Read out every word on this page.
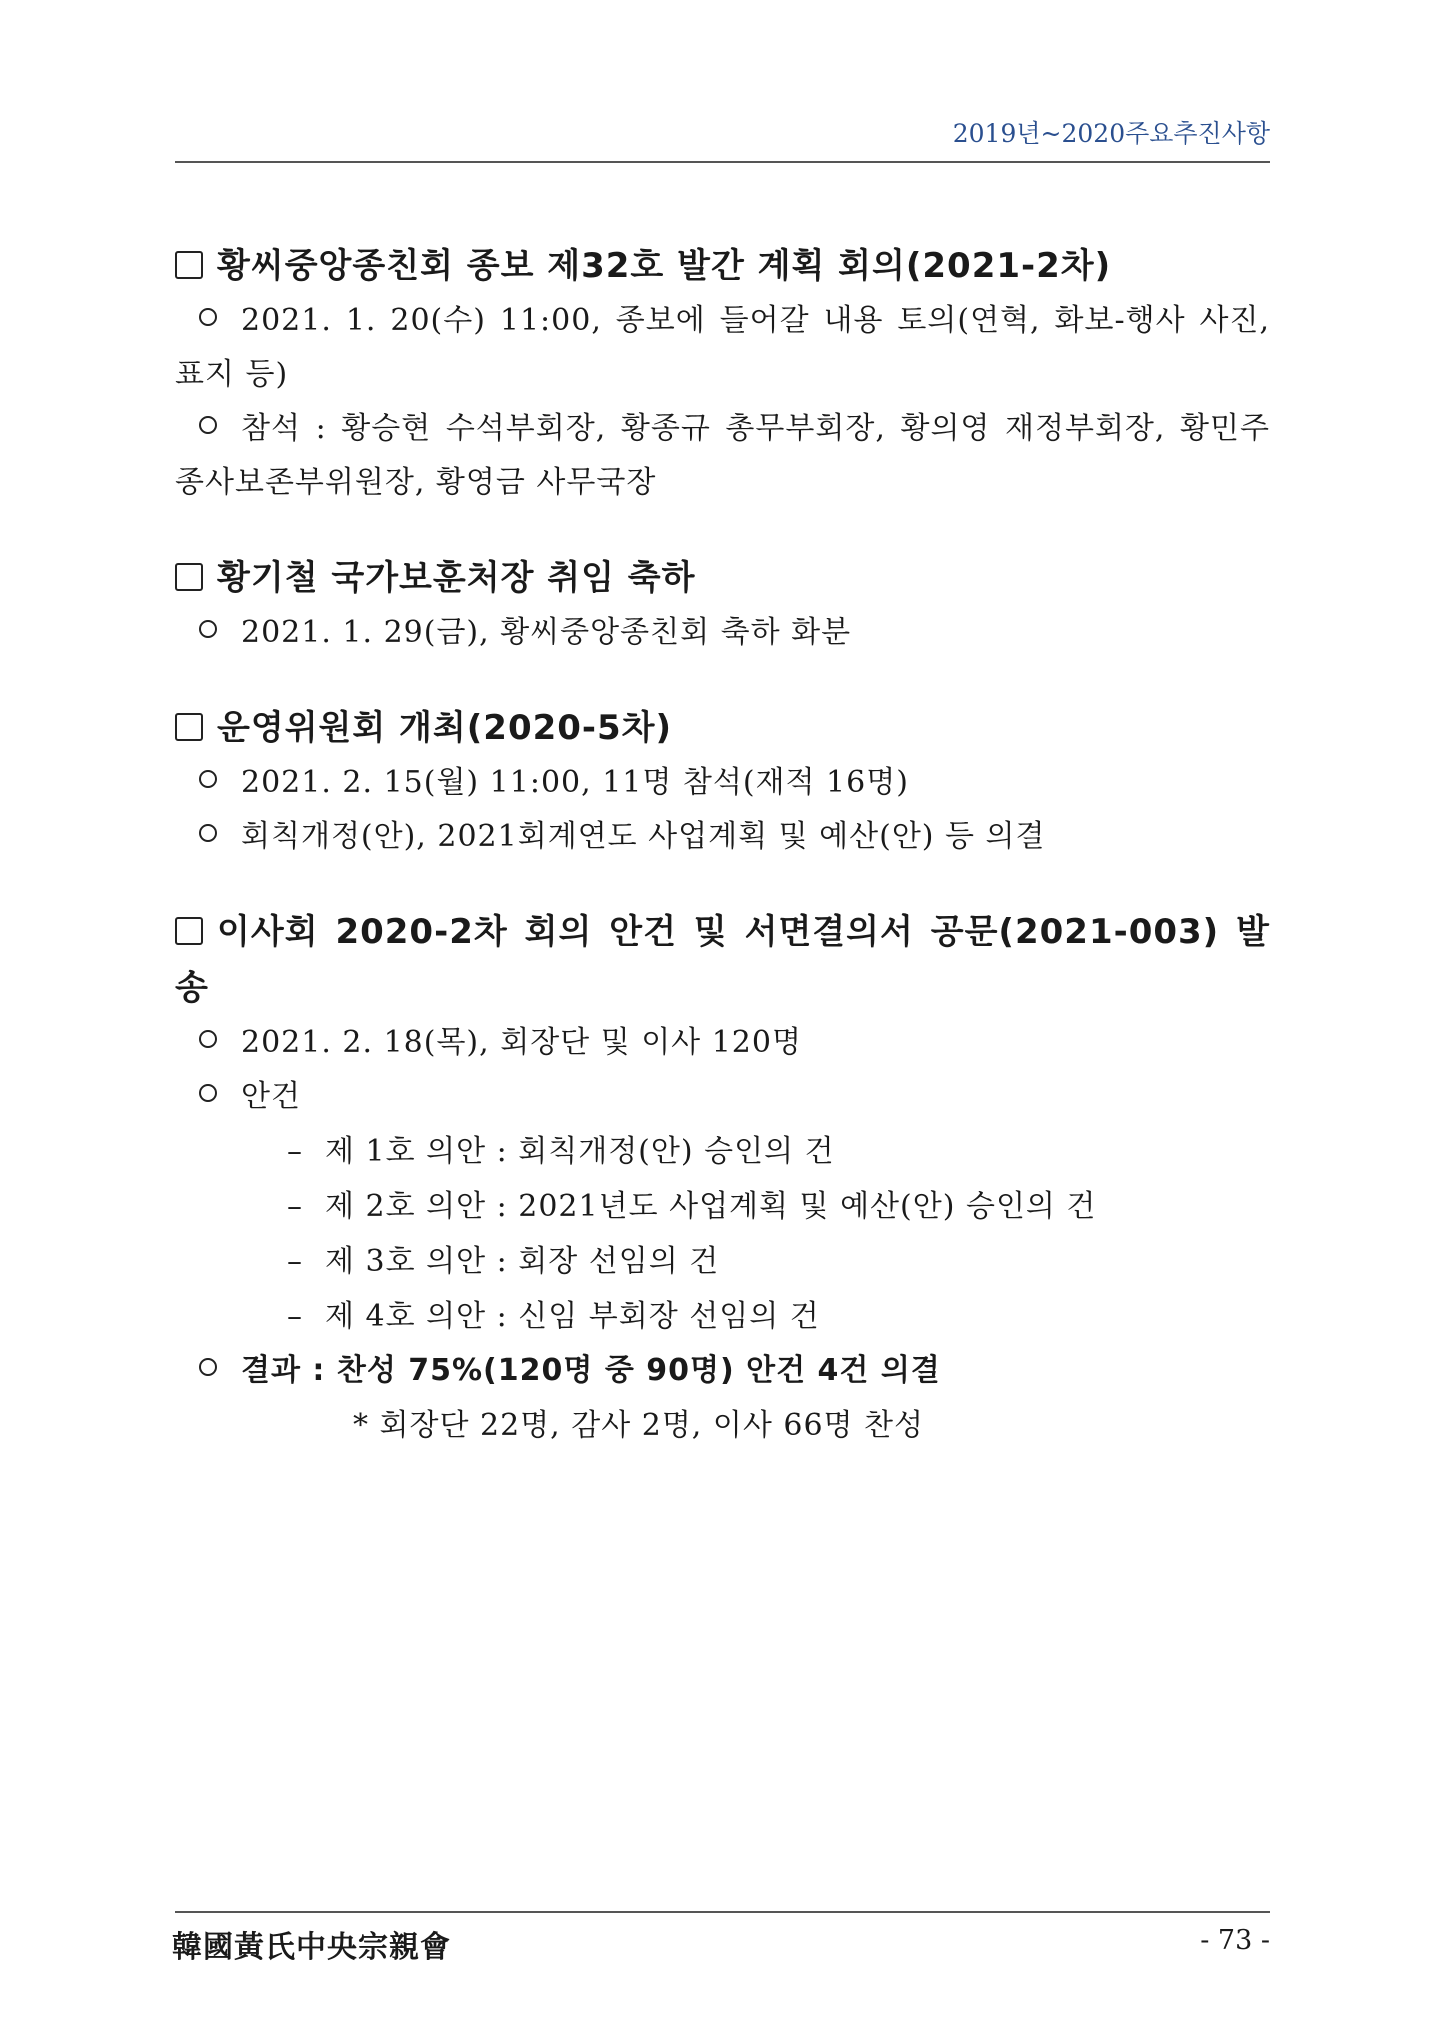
2019년~2020주요추진사항
황씨중앙종친회 종보 제32호 발간 계획 회의(2021-2차)
2021. 1. 20(수) 11:00, 종보에 들어갈 내용 토의(연혁, 화보-행사 사진, 표지 등)
참석 : 황승현 수석부회장, 황종규 총무부회장, 황의영 재정부회장, 황민주 종사보존부위원장, 황영금 사무국장
황기철 국가보훈처장 취임 축하
2021. 1. 29(금), 황씨중앙종친회 축하 화분
운영위원회 개최(2020-5차)
2021. 2. 15(월) 11:00, 11명 참석(재적 16명)
회칙개정(안), 2021회계연도 사업계획 및 예산(안) 등 의결
이사회 2020-2차 회의 안건 및 서면결의서 공문(2021-003) 발송
2021. 2. 18(목), 회장단 및 이사 120명
안건
– 제 1호 의안 : 회칙개정(안) 승인의 건
– 제 2호 의안 : 2021년도 사업계획 및 예산(안) 승인의 건
– 제 3호 의안 : 회장 선임의 건
– 제 4호 의안 : 신임 부회장 선임의 건
결과 : 찬성 75%(120명 중 90명) 안건 4건 의결
* 회장단 22명, 감사 2명, 이사 66명 찬성
韓國黃氏中央宗親會	- 73 -
